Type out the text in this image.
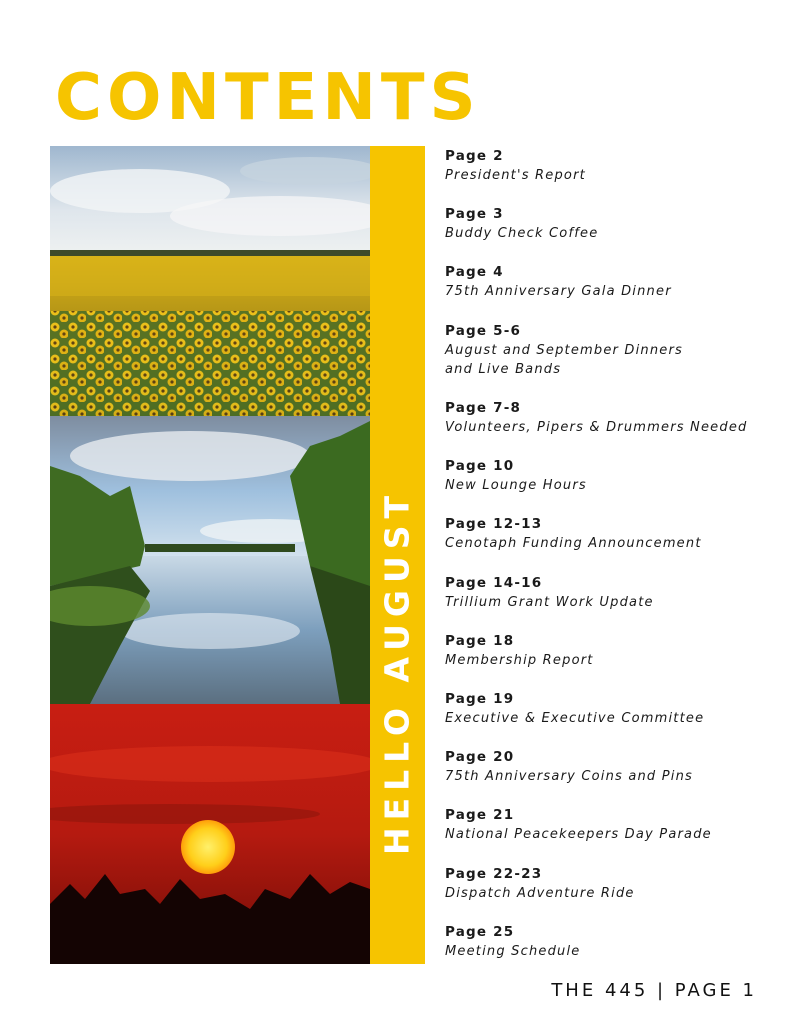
CONTENTS
HELLO AUGUST
Page 2
President's Report
Page 3
Buddy Check Coffee
Page 4
75th Anniversary Gala Dinner
Page 5-6
August and September Dinners
and Live Bands
Page 7-8
Volunteers, Pipers & Drummers Needed
Page 10
New Lounge Hours
Page 12-13
Cenotaph Funding Announcement
Page 14-16
Trillium Grant Work Update
Page 18
Membership Report
Page 19
Executive & Executive Committee
Page 20
75th Anniversary Coins and Pins
Page 21
National Peacekeepers Day Parade
Page 22-23
Dispatch Adventure Ride
Page 25
Meeting Schedule
THE 445 | PAGE 1
